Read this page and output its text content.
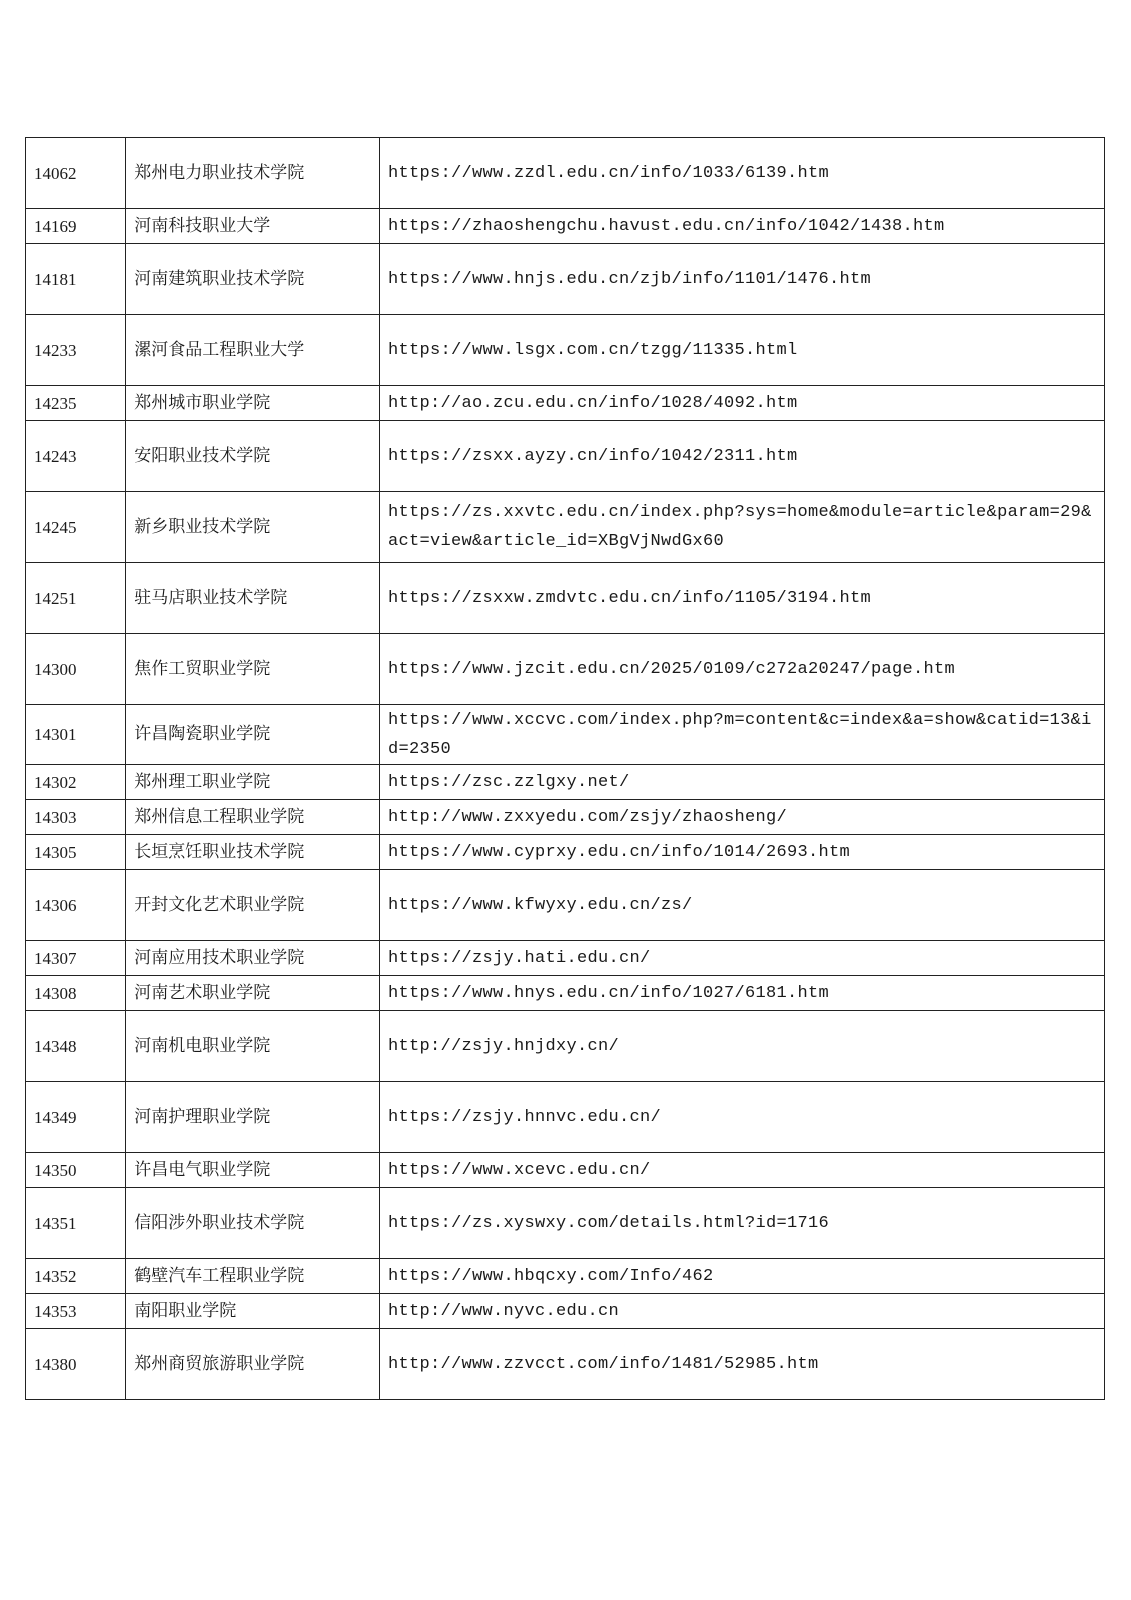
14062	郑州电力职业技术学院	https://www.zzdl.edu.cn/info/1033/6139.htm
14169	河南科技职业大学	https://zhaoshengchu.havust.edu.cn/info/1042/1438.htm
14181	河南建筑职业技术学院	https://www.hnjs.edu.cn/zjb/info/1101/1476.htm
14233	漯河食品工程职业大学	https://www.lsgx.com.cn/tzgg/11335.html
14235	郑州城市职业学院	http://ao.zcu.edu.cn/info/1028/4092.htm
14243	安阳职业技术学院	https://zsxx.ayzy.cn/info/1042/2311.htm
14245	新乡职业技术学院	https://zs.xxvtc.edu.cn/index.php?sys=home&module=article&param=29&act=view&article_id=XBgVjNwdGx60
14251	驻马店职业技术学院	https://zsxxw.zmdvtc.edu.cn/info/1105/3194.htm
14300	焦作工贸职业学院	https://www.jzcit.edu.cn/2025/0109/c272a20247/page.htm
14301	许昌陶瓷职业学院	https://www.xccvc.com/index.php?m=content&c=index&a=show&catid=13&id=2350
14302	郑州理工职业学院	https://zsc.zzlgxy.net/
14303	郑州信息工程职业学院	http://www.zxxyedu.com/zsjy/zhaosheng/
14305	长垣烹饪职业技术学院	https://www.cyprxy.edu.cn/info/1014/2693.htm
14306	开封文化艺术职业学院	https://www.kfwyxy.edu.cn/zs/
14307	河南应用技术职业学院	https://zsjy.hati.edu.cn/
14308	河南艺术职业学院	https://www.hnys.edu.cn/info/1027/6181.htm
14348	河南机电职业学院	http://zsjy.hnjdxy.cn/
14349	河南护理职业学院	https://zsjy.hnnvc.edu.cn/
14350	许昌电气职业学院	https://www.xcevc.edu.cn/
14351	信阳涉外职业技术学院	https://zs.xyswxy.com/details.html?id=1716
14352	鹤壁汽车工程职业学院	https://www.hbqcxy.com/Info/462
14353	南阳职业学院	http://www.nyvc.edu.cn
14380	郑州商贸旅游职业学院	http://www.zzvcct.com/info/1481/52985.htm
